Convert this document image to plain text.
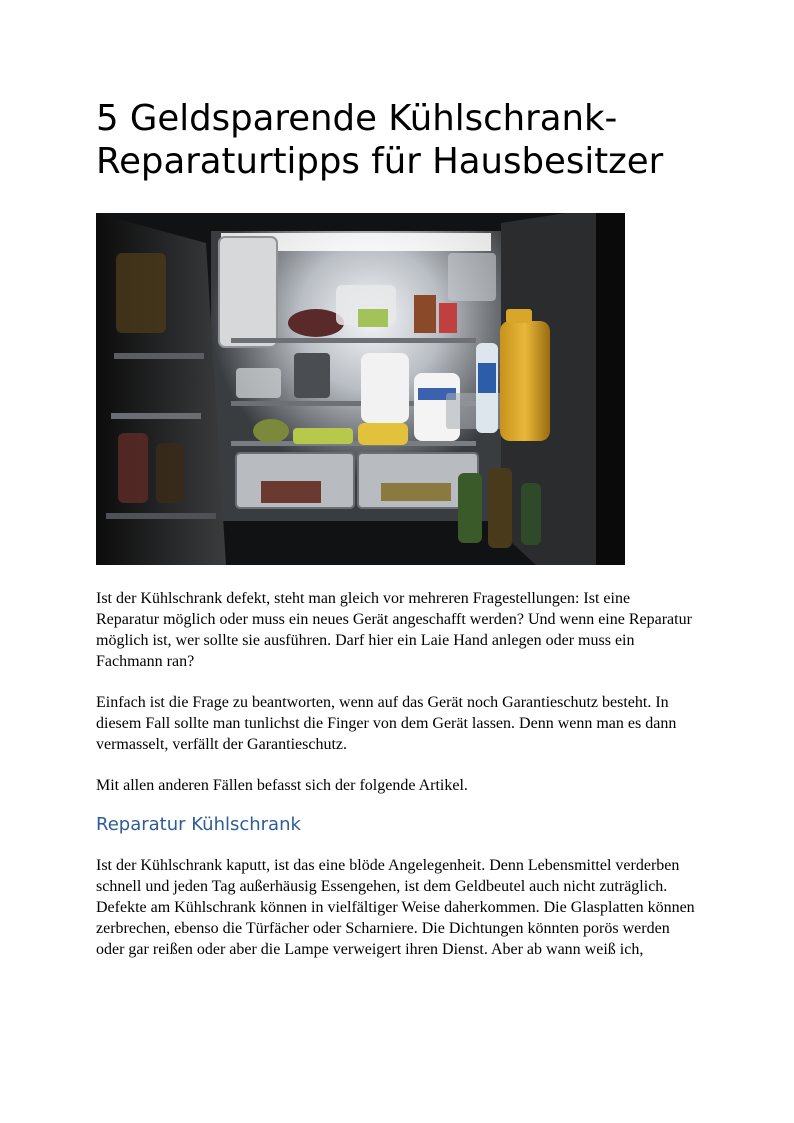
5 Geldsparende Kühlschrank-
Reparaturtipps für Hausbesitzer

Ist der Kühlschrank defekt, steht man gleich vor mehreren Fragestellungen: Ist eine Reparatur möglich oder muss ein neues Gerät angeschafft werden? Und wenn eine Reparatur möglich ist, wer sollte sie ausführen. Darf hier ein Laie Hand anlegen oder muss ein Fachmann ran?

Einfach ist die Frage zu beantworten, wenn auf das Gerät noch Garantieschutz besteht. In diesem Fall sollte man tunlichst die Finger von dem Gerät lassen. Denn wenn man es dann vermasselt, verfällt der Garantieschutz.

Mit allen anderen Fällen befasst sich der folgende Artikel.

Reparatur Kühlschrank

Ist der Kühlschrank kaputt, ist das eine blöde Angelegenheit. Denn Lebensmittel verderben schnell und jeden Tag außerhäusig Essengehen, ist dem Geldbeutel auch nicht zuträglich. Defekte am Kühlschrank können in vielfältiger Weise daherkommen. Die Glasplatten können zerbrechen, ebenso die Türfächer oder Scharniere. Die Dichtungen könnten porös werden oder gar reißen oder aber die Lampe verweigert ihren Dienst. Aber ab wann weiß ich,
